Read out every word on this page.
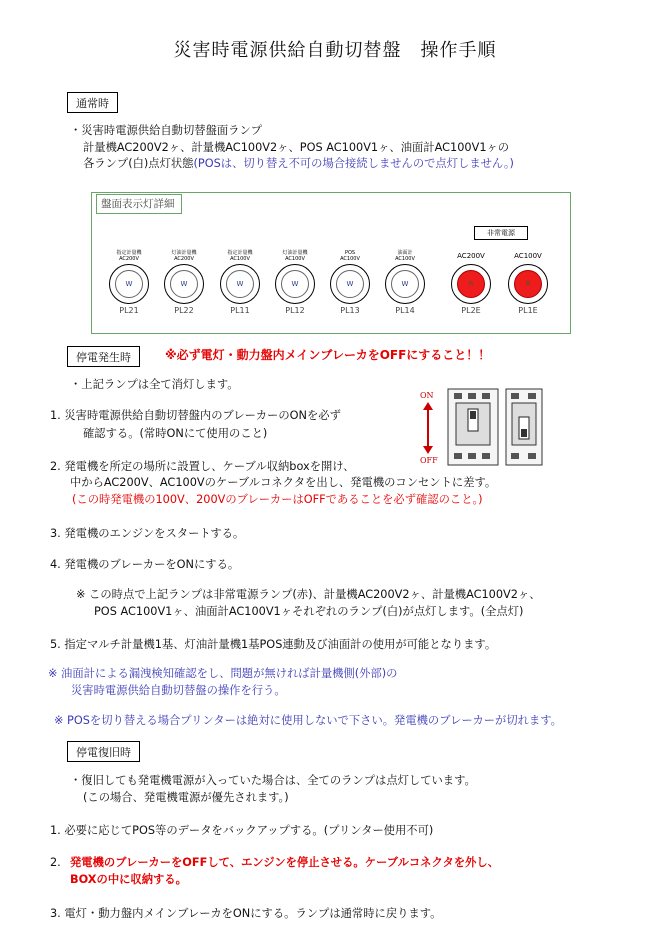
災害時電源供給自動切替盤　操作手順
通常時
・災害時電源供給自動切替盤面ランプ
計量機AC200V2ヶ、計量機AC100V2ヶ、POS AC100V1ヶ、油面計AC100V1ヶの
各ランプ(白)点灯状態(POSは、切り替え不可の場合接続しませんので点灯しません。)
盤面表示灯詳細
指定計量機
AC200V
W
PL21
灯油計量機
AC200V
W
PL22
指定計量機
AC100V
W
PL11
灯油計量機
AC100V
W
PL12
POS
AC100V
W
PL13
油面計
AC100V
W
PL14
AC200V
R
PL2E
AC100V
R
PL1E
非常電源
停電発生時	※必ず電灯・動力盤内メインブレーカをOFFにすること！！
・上記ランプは全て消灯します。
1. 災害時電源供給自動切替盤内のブレーカーのONを必ず
確認する。(常時ONにて使用のこと)
2. 発電機を所定の場所に設置し、ケーブル収納boxを開け、
中からAC200V、AC100Vのケーブルコネクタを出し、発電機のコンセントに差す。
(この時発電機の100V、200VのブレーカーはOFFであることを必ず確認のこと。)
3. 発電機のエンジンをスタートする。
4. 発電機のブレーカーをONにする。
※ この時点で上記ランプは非常電源ランプ(赤)、計量機AC200V2ヶ、計量機AC100V2ヶ、
POS AC100V1ヶ、油面計AC100V1ヶそれぞれのランプ(白)が点灯します。(全点灯)
5. 指定マルチ計量機1基、灯油計量機1基POS連動及び油面計の使用が可能となります。
※ 油面計による漏洩検知確認をし、問題が無ければ計量機側(外部)の
災害時電源供給自動切替盤の操作を行う。
※ POSを切り替える場合プリンターは絶対に使用しないで下さい。発電機のブレーカーが切れます。
ON
OFF
停電復旧時
・復旧しても発電機電源が入っていた場合は、全てのランプは点灯しています。
(この場合、発電機電源が優先されます。)
1. 必要に応じてPOS等のデータをバックアップする。(プリンター使用不可)
2. 発電機のブレーカーをOFFして、エンジンを停止させる。ケーブルコネクタを外し、
BOXの中に収納する。
3. 電灯・動力盤内メインブレーカをONにする。ランプは通常時に戻ります。
